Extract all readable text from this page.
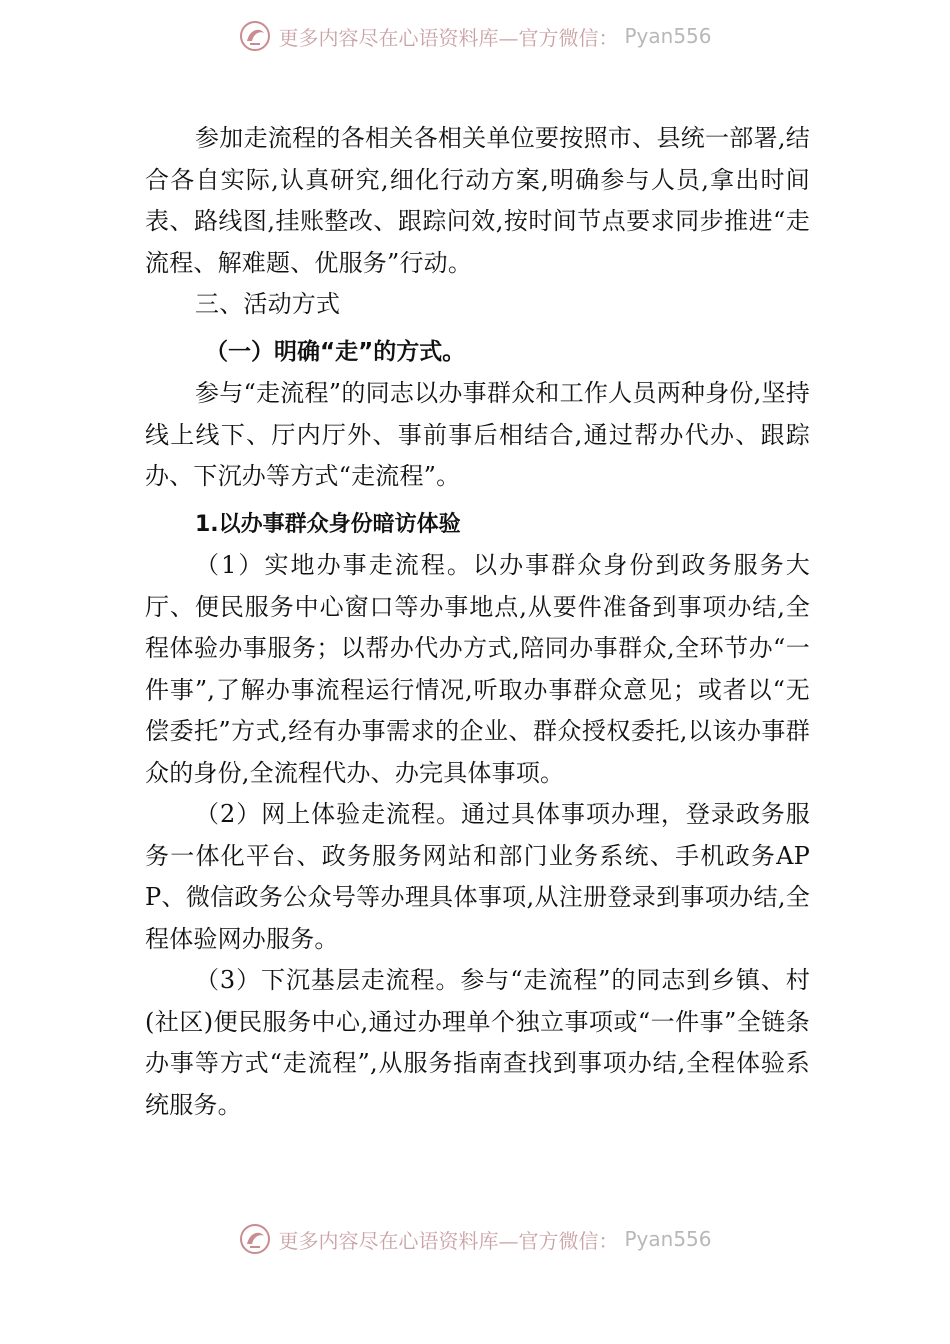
更多内容尽在心语资料库—官方微信： Pyan556

参加走流程的各相关各相关单位要按照市、县统一部署,结合各自实际,认真研究,细化行动方案,明确参与人员,拿出时间表、路线图,挂账整改、跟踪问效,按时间节点要求同步推进“走流程、解难题、优服务”行动。

三、活动方式

（一）明确“走”的方式。

参与“走流程”的同志以办事群众和工作人员两种身份,坚持线上线下、厅内厅外、事前事后相结合,通过帮办代办、跟踪办、下沉办等方式“走流程”。

1.以办事群众身份暗访体验

（1）实地办事走流程。以办事群众身份到政务服务大厅、便民服务中心窗口等办事地点,从要件准备到事项办结,全程体验办事服务；以帮办代办方式,陪同办事群众,全环节办“一件事”,了解办事流程运行情况,听取办事群众意见；或者以“无偿委托”方式,经有办事需求的企业、群众授权委托,以该办事群众的身份,全流程代办、办完具体事项。

（2）网上体验走流程。通过具体事项办理，登录政务服务一体化平台、政务服务网站和部门业务系统、手机政务APP、微信政务公众号等办理具体事项,从注册登录到事项办结,全程体验网办服务。

（3）下沉基层走流程。参与“走流程”的同志到乡镇、村(社区)便民服务中心,通过办理单个独立事项或“一件事”全链条办事等方式“走流程”,从服务指南查找到事项办结,全程体验系统服务。

更多内容尽在心语资料库—官方微信： Pyan556
